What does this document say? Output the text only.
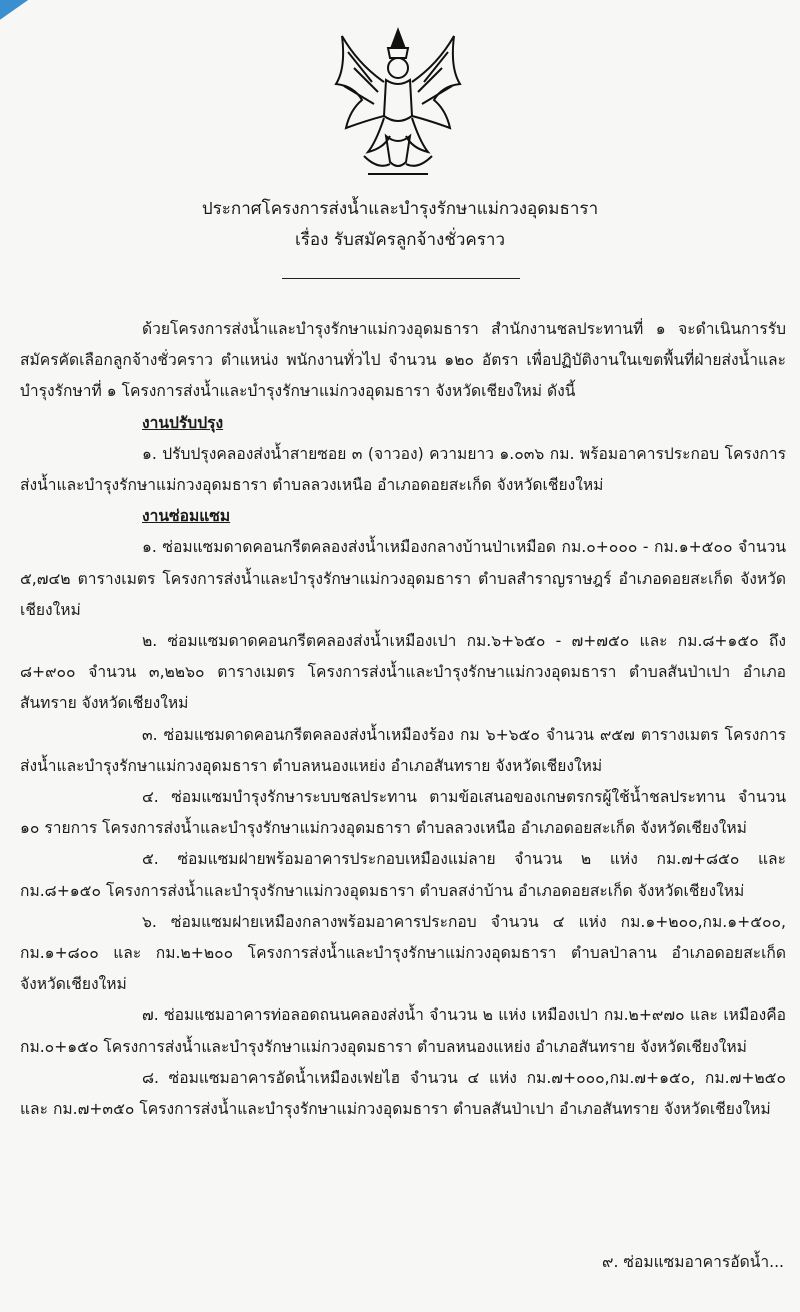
ประกาศโครงการส่งน้ำและบำรุงรักษาแม่กวงอุดมธารา
เรื่อง รับสมัครลูกจ้างชั่วคราว

ด้วยโครงการส่งน้ำและบำรุงรักษาแม่กวงอุดมธารา สำนักงานชลประทานที่ ๑ จะดำเนินการรับสมัครคัดเลือกลูกจ้างชั่วคราว ตำแหน่ง พนักงานทั่วไป จำนวน ๑๒๐ อัตรา เพื่อปฏิบัติงานในเขตพื้นที่ฝ่ายส่งน้ำและบำรุงรักษาที่ ๑ โครงการส่งน้ำและบำรุงรักษาแม่กวงอุดมธารา จังหวัดเชียงใหม่ ดังนี้

งานปรับปรุง

๑. ปรับปรุงคลองส่งน้ำสายซอย ๓ (จาวอง) ความยาว ๑.๐๓๖ กม. พร้อมอาคารประกอบ โครงการส่งน้ำและบำรุงรักษาแม่กวงอุดมธารา ตำบลลวงเหนือ อำเภอดอยสะเก็ด จังหวัดเชียงใหม่

งานซ่อมแซม

๑. ซ่อมแซมดาดคอนกรีตคลองส่งน้ำเหมืองกลางบ้านป่าเหมือด กม.๐+๐๐๐ - กม.๑+๕๐๐ จำนวน ๕,๗๔๒ ตารางเมตร โครงการส่งน้ำและบำรุงรักษาแม่กวงอุดมธารา ตำบลสำราญราษฎร์ อำเภอดอยสะเก็ด จังหวัดเชียงใหม่

๒. ซ่อมแซมดาดคอนกรีตคลองส่งน้ำเหมืองเปา กม.๖+๖๕๐ - ๗+๗๕๐ และ กม.๘+๑๕๐ ถึง ๘+๙๐๐ จำนวน ๓,๒๒๖๐ ตารางเมตร โครงการส่งน้ำและบำรุงรักษาแม่กวงอุดมธารา ตำบลสันป่าเปา อำเภอสันทราย จังหวัดเชียงใหม่

๓. ซ่อมแซมดาดคอนกรีตคลองส่งน้ำเหมืองร้อง กม ๖+๖๕๐ จำนวน ๙๕๗ ตารางเมตร โครงการส่งน้ำและบำรุงรักษาแม่กวงอุดมธารา ตำบลหนองแหย่ง อำเภอสันทราย จังหวัดเชียงใหม่

๔. ซ่อมแซมบำรุงรักษาระบบชลประทาน ตามข้อเสนอของเกษตรกรผู้ใช้น้ำชลประทาน จำนวน ๑๐ รายการ โครงการส่งน้ำและบำรุงรักษาแม่กวงอุดมธารา ตำบลลวงเหนือ อำเภอดอยสะเก็ด จังหวัดเชียงใหม่

๕. ซ่อมแซมฝายพร้อมอาคารประกอบเหมืองแม่ลาย จำนวน ๒ แห่ง กม.๗+๘๕๐ และ กม.๘+๑๕๐ โครงการส่งน้ำและบำรุงรักษาแม่กวงอุดมธารา ตำบลสง่าบ้าน อำเภอดอยสะเก็ด จังหวัดเชียงใหม่

๖. ซ่อมแซมฝายเหมืองกลางพร้อมอาคารประกอบ จำนวน ๔ แห่ง กม.๑+๒๐๐,กม.๑+๕๐๐, กม.๑+๘๐๐ และ กม.๒+๒๐๐ โครงการส่งน้ำและบำรุงรักษาแม่กวงอุดมธารา ตำบลป่าลาน อำเภอดอยสะเก็ด จังหวัดเชียงใหม่

๗. ซ่อมแซมอาคารท่อลอดถนนคลองส่งน้ำ จำนวน ๒ แห่ง เหมืองเปา กม.๒+๙๗๐ และ เหมืองคือ กม.๐+๑๕๐ โครงการส่งน้ำและบำรุงรักษาแม่กวงอุดมธารา ตำบลหนองแหย่ง อำเภอสันทราย จังหวัดเชียงใหม่

๘. ซ่อมแซมอาคารอัดน้ำเหมืองเฟยไฮ จำนวน ๔ แห่ง กม.๗+๐๐๐,กม.๗+๑๕๐, กม.๗+๒๕๐ และ กม.๗+๓๕๐ โครงการส่งน้ำและบำรุงรักษาแม่กวงอุดมธารา ตำบลสันป่าเปา อำเภอสันทราย จังหวัดเชียงใหม่

๙. ซ่อมแซมอาคารอัดน้ำ...
